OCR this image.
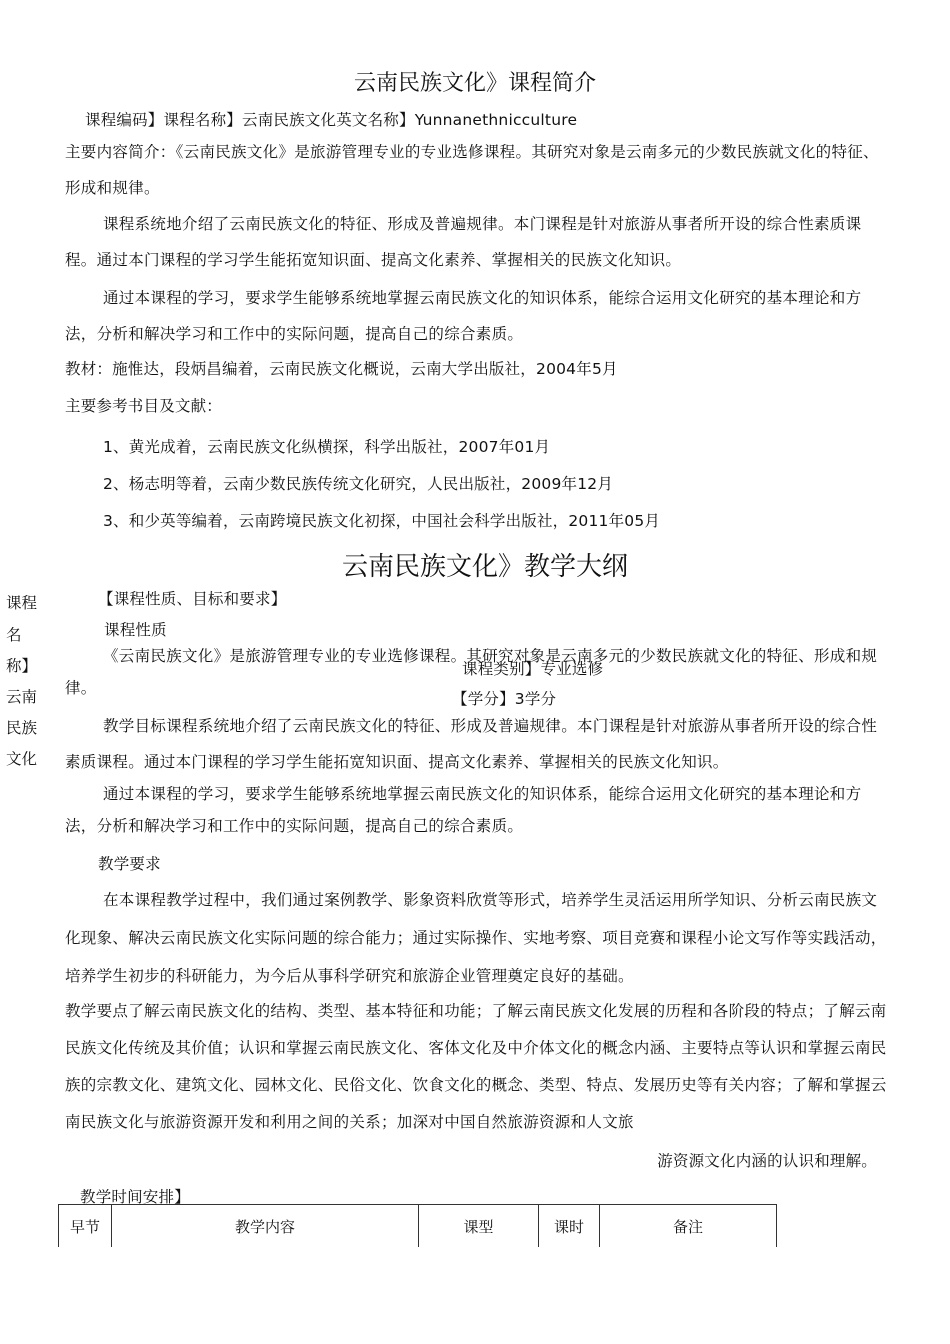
云南民族文化》课程简介
课程编码】课程名称】云南民族文化英文名称】Yunnanethnicculture
主要内容简介：《云南民族文化》是旅游管理专业的专业选修课程。其研究对象是云南多元的少数民族就文化的特征、形成和规律。
课程系统地介绍了云南民族文化的特征、形成及普遍规律。本门课程是针对旅游从事者所开设的综合性素质课程。通过本门课程的学习学生能拓宽知识面、提高文化素养、掌握相关的民族文化知识。
通过本课程的学习，要求学生能够系统地掌握云南民族文化的知识体系，能综合运用文化研究的基本理论和方法，分析和解决学习和工作中的实际问题，提高自己的综合素质。
教材：施惟达，段炳昌编着，云南民族文化概说，云南大学出版社，2004年5月
主要参考书目及文献：
1、黄光成着，云南民族文化纵横探，科学出版社，2007年01月
2、杨志明等着，云南少数民族传统文化研究，人民出版社，2009年12月
3、和少英等编着，云南跨境民族文化初探，中国社会科学出版社，2011年05月
云南民族文化》教学大纲
课程
名
称】
云南
民族
文化
【课程性质、目标和要求】
课程性质
课程类别】专业选修
【学分】3学分
《云南民族文化》是旅游管理专业的专业选修课程。其研究对象是云南多元的少数民族就文化的特征、形成和规律。
教学目标课程系统地介绍了云南民族文化的特征、形成及普遍规律。本门课程是针对旅游从事者所开设的综合性素质课程。通过本门课程的学习学生能拓宽知识面、提高文化素养、掌握相关的民族文化知识。
通过本课程的学习，要求学生能够系统地掌握云南民族文化的知识体系，能综合运用文化研究的基本理论和方法，分析和解决学习和工作中的实际问题，提高自己的综合素质。
教学要求
在本课程教学过程中，我们通过案例教学、影象资料欣赏等形式，培养学生灵活运用所学知识、分析云南民族文化现象、解决云南民族文化实际问题的综合能力；通过实际操作、实地考察、项目竞赛和课程小论文写作等实践活动，培养学生初步的科研能力，为今后从事科学研究和旅游企业管理奠定良好的基础。
教学要点了解云南民族文化的结构、类型、基本特征和功能；了解云南民族文化发展的历程和各阶段的特点；了解云南民族文化传统及其价值；认识和掌握云南民族文化、客体文化及中介体文化的概念内涵、主要特点等认识和掌握云南民族的宗教文化、建筑文化、园林文化、民俗文化、饮食文化的概念、类型、特点、发展历史等有关内容；了解和掌握云南民族文化与旅游资源开发和利用之间的关系；加深对中国自然旅游资源和人文旅
游资源文化内涵的认识和理解。
教学时间安排】
早节	教学内容	课型	课时	备注
